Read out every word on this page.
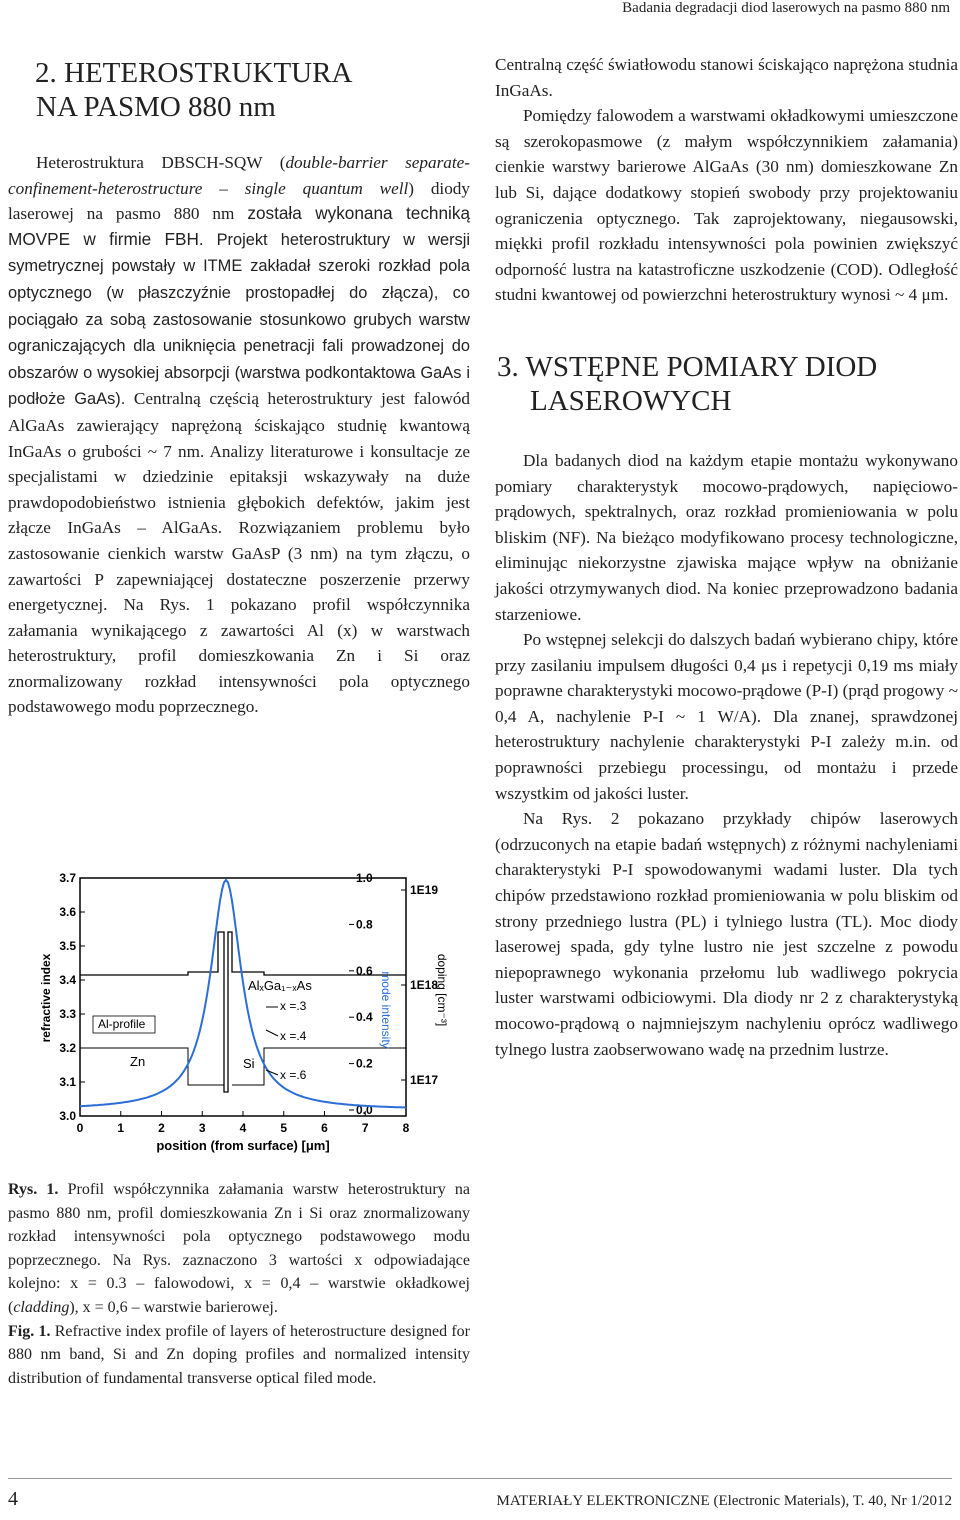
Badania degradacji diod laserowych na pasmo 880 nm
2. HETEROSTRUKTURA
NA PASMO 880 nm

Heterostruktura DBSCH-SQW (double-barrier separate-confinement-heterostructure – single quantum well) diody laserowej na pasmo 880 nm została wykonana techniką MOVPE w firmie FBH. Projekt heterostruktury w wersji symetrycznej powstały w ITME zakładał szeroki rozkład pola optycznego (w płaszczyźnie prostopadłej do złącza), co pociągało za sobą zastosowanie stosunkowo grubych warstw ograniczających dla uniknięcia penetracji fali prowadzonej do obszarów o wysokiej absorpcji (warstwa podkontaktowa GaAs i podłoże GaAs). Centralną częścią heterostruktury jest falowód AlGaAs zawierający naprężoną ściskająco studnię kwantową InGaAs o grubości ~ 7 nm. Analizy literaturowe i konsultacje ze specjalistami w dziedzinie epitaksji wskazywały na duże prawdopodobieństwo istnienia głębokich defektów, jakim jest złącze InGaAs – AlGaAs. Rozwiązaniem problemu było zastosowanie cienkich warstw GaAsP (3 nm) na tym złączu, o zawartości P zapewniającej dostateczne poszerzenie przerwy energetycznej. Na Rys. 1 pokazano profil współczynnika załamania wynikającego z zawartości Al (x) w warstwach heterostruktury, profil domieszkowania Zn i Si oraz znormalizowany rozkład intensywności pola optycznego podstawowego modu poprzecznego.

3.7
3.6
3.5
3.4
3.3
3.2
3.1
3.0
1.0
0.8
0.6
0.4
0.2
0.0
1E19
1E18
1E17
0	1	2	3	4	5	6	7	8
Al-profile
Zn	Si
AlₓGa₁₋ₓAs
x =.3
x =.4
x =.6
position (from surface) [μm]
refractive index	mode intensity	doping [cm⁻³]

Rys. 1. Profil współczynnika załamania warstw heterostruktury na pasmo 880 nm, profil domieszkowania Zn i Si oraz znormalizowany rozkład intensywności pola optycznego podstawowego modu poprzecznego. Na Rys. zaznaczono 3 wartości x odpowiadające kolejno: x = 0.3 – falowodowi, x = 0,4 – warstwie okładkowej (cladding), x = 0,6 – warstwie barierowej.

Fig. 1. Refractive index profile of layers of heterostructure designed for 880 nm band, Si and Zn doping profiles and normalized intensity distribution of fundamental transverse optical filed mode.

Centralną część światłowodu stanowi ściskająco naprężona studnia InGaAs.

Pomiędzy falowodem a warstwami okładkowymi umieszczone są szerokopasmowe (z małym współczynnikiem załamania) cienkie warstwy barierowe AlGaAs (30 nm) domieszkowane Zn lub Si, dające dodatkowy stopień swobody przy projektowaniu ograniczenia optycznego. Tak zaprojektowany, niegausowski, miękki profil rozkładu intensywności pola powinien zwiększyć odporność lustra na katastroficzne uszkodzenie (COD). Odległość studni kwantowej od powierzchni heterostruktury wynosi ~ 4 μm.

3. WSTĘPNE POMIARY DIOD
LASEROWYCH

Dla badanych diod na każdym etapie montażu wykonywano pomiary charakterystyk mocowo-prądowych, napięciowo-prądowych, spektralnych, oraz rozkład promieniowania w polu bliskim (NF). Na bieżąco modyfikowano procesy technologiczne, eliminując niekorzystne zjawiska mające wpływ na obniżanie jakości otrzymywanych diod. Na koniec przeprowadzono badania starzeniowe.

Po wstępnej selekcji do dalszych badań wybierano chipy, które przy zasilaniu impulsem długości 0,4 μs i repetycji 0,19 ms miały poprawne charakterystyki mocowo-prądowe (P-I) (prąd progowy ~ 0,4 A, nachylenie P-I ~ 1 W/A). Dla znanej, sprawdzonej heterostruktury nachylenie charakterystyki P-I zależy m.in. od poprawności przebiegu processingu, od montażu i przede wszystkim od jakości luster.

Na Rys. 2 pokazano przykłady chipów laserowych (odrzuconych na etapie badań wstępnych) z różnymi nachyleniami charakterystyki P-I spowodowanymi wadami luster. Dla tych chipów przedstawiono rozkład promieniowania w polu bliskim od strony przedniego lustra (PL) i tylniego lustra (TL). Moc diody laserowej spada, gdy tylne lustro nie jest szczelne z powodu niepoprawnego wykonania przełomu lub wadliwego pokrycia luster warstwami odbiciowymi. Dla diody nr 2 z charakterystyką mocowo-prądową o najmniejszym nachyleniu oprócz wadliwego tylnego lustra zaobserwowano wadę na przednim lustrze.

4	MATERIAŁY ELEKTRONICZNE (Electronic Materials), T. 40, Nr 1/2012
